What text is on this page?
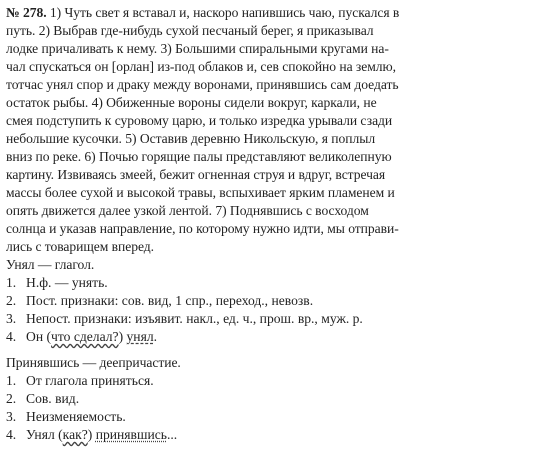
№ 278. 1) Чуть свет я вставал и, наскоро напившись чаю, пускался в
путь. 2) Выбрав где-нибудь сухой песчаный берег, я приказывал
лодке причаливать к нему. 3) Большими спиральными кругами на-
чал спускаться он [орлан] из-под облаков и, сев спокойно на землю,
тотчас унял спор и драку между воронами, принявшись сам доедать
остаток рыбы. 4) Обиженные вороны сидели вокруг, каркали, не
смея подступить к суровому царю, и только изредка урывали сзади
небольшие кусочки. 5) Оставив деревню Никольскую, я поплыл
вниз по реке. 6) Почью горящие палы представляют великолепную
картину. Извиваясь змеей, бежит огненная струя и вдруг, встречая
массы более сухой и высокой травы, вспыхивает ярким пламенем и
опять движется далее узкой лентой. 7) Поднявшись с восходом
солнца и указав направление, по которому нужно идти, мы отправи-
лись с товарищем вперед.
Унял — глагол.
1. Н.ф. — унять.
2. Пост. признаки: сов. вид, 1 спр., переход., невозв.
3. Непост. признаки: изъявит. накл., ед. ч., прош. вр., муж. р.
4. Он (что сделал?) унял.
Принявшись — деепричастие.
1. От глагола приняться.
2. Сов. вид.
3. Неизменяемость.
4. Унял (как?) принявшись...
